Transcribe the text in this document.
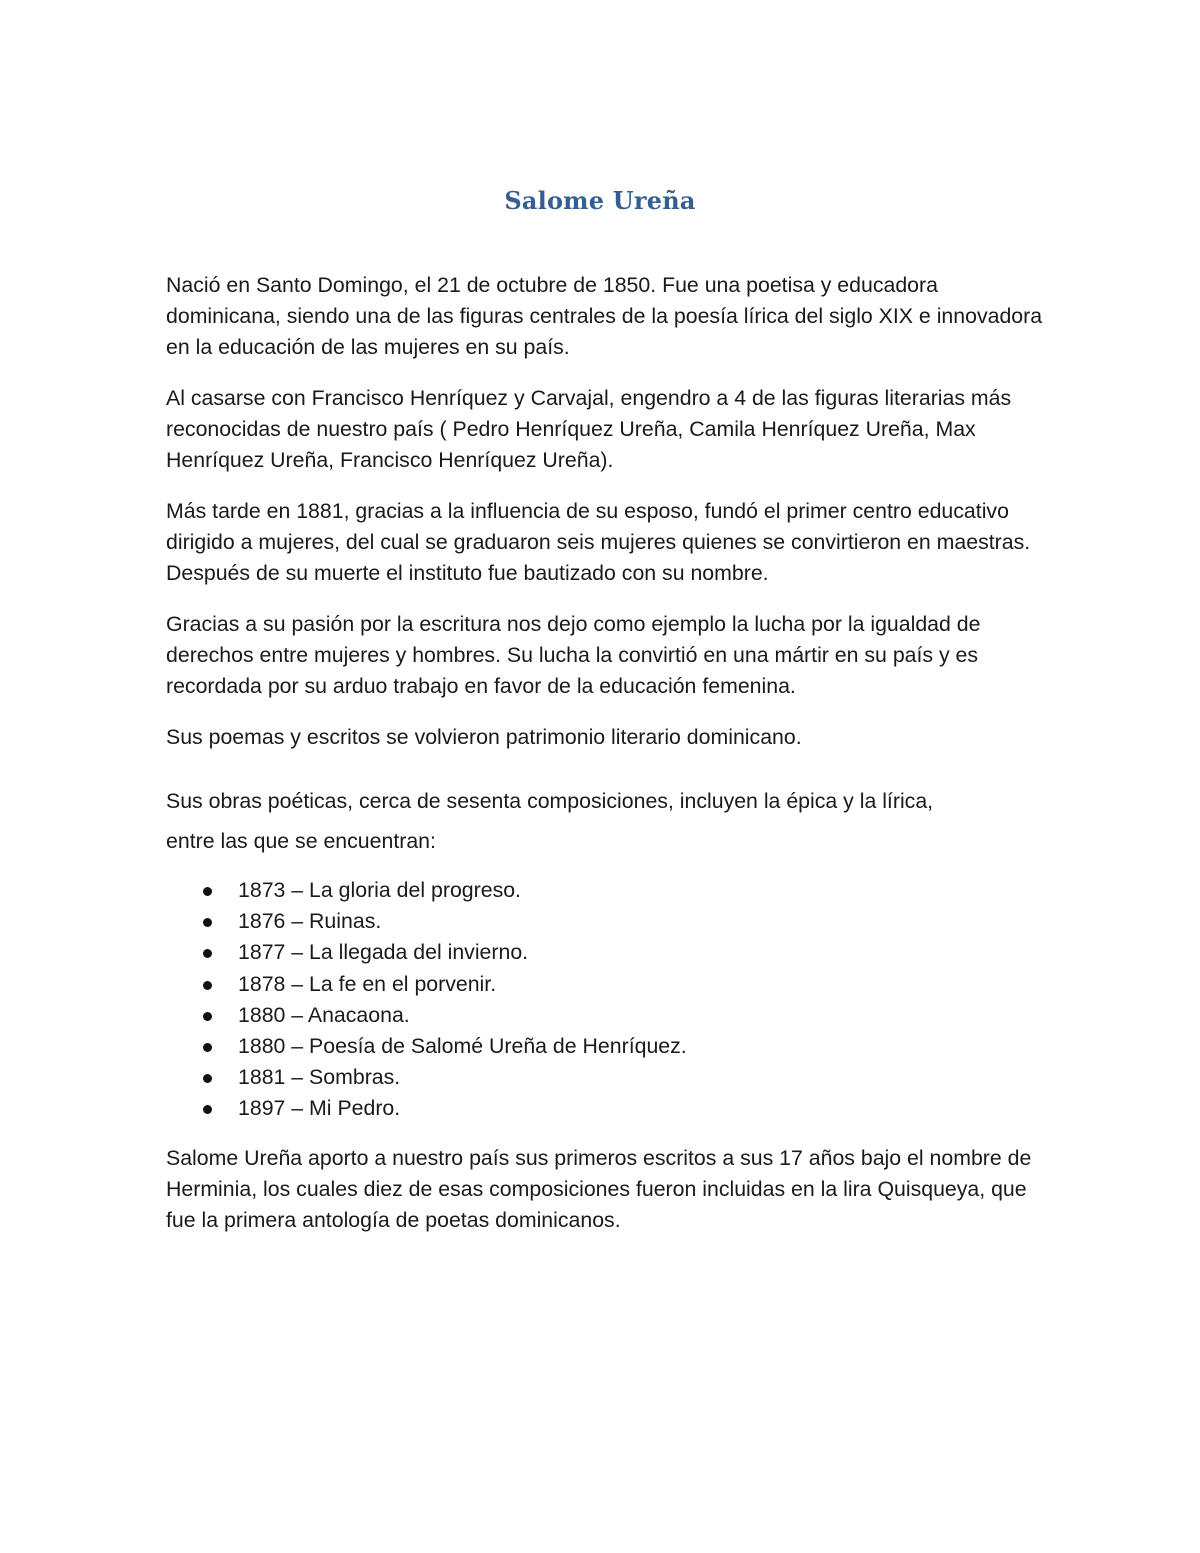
Salome Ureña

Nació en Santo Domingo, el 21 de octubre de 1850. Fue una poetisa y educadora dominicana, siendo una de las figuras centrales de la poesía lírica del siglo XIX e innovadora en la educación de las mujeres en su país.

Al casarse con Francisco Henríquez y Carvajal, engendro a 4 de las figuras literarias más reconocidas de nuestro país ( Pedro Henríquez Ureña, Camila Henríquez Ureña, Max Henríquez Ureña, Francisco Henríquez Ureña).

Más tarde en 1881, gracias a la influencia de su esposo, fundó el primer centro educativo dirigido a mujeres, del cual se graduaron seis mujeres quienes se convirtieron en maestras. Después de su muerte el instituto fue bautizado con su nombre.

Gracias a su pasión por la escritura nos dejo como ejemplo la lucha por la igualdad de derechos entre mujeres y hombres. Su lucha la convirtió en una mártir en su país y es recordada por su arduo trabajo en favor de la educación femenina.

Sus poemas y escritos se volvieron patrimonio literario dominicano.

Sus obras poéticas, cerca de sesenta composiciones, incluyen la épica y la lírica,

entre las que se encuentran:

1873 – La gloria del progreso.
1876 – Ruinas.
1877 – La llegada del invierno.
1878 – La fe en el porvenir.
1880 – Anacaona.
1880 – Poesía de Salomé Ureña de Henríquez.
1881 – Sombras.
1897 – Mi Pedro.

Salome Ureña aporto a nuestro país sus primeros escritos a sus 17 años bajo el nombre de Herminia, los cuales diez de esas composiciones fueron incluidas en la lira Quisqueya, que fue la primera antología de poetas dominicanos.
